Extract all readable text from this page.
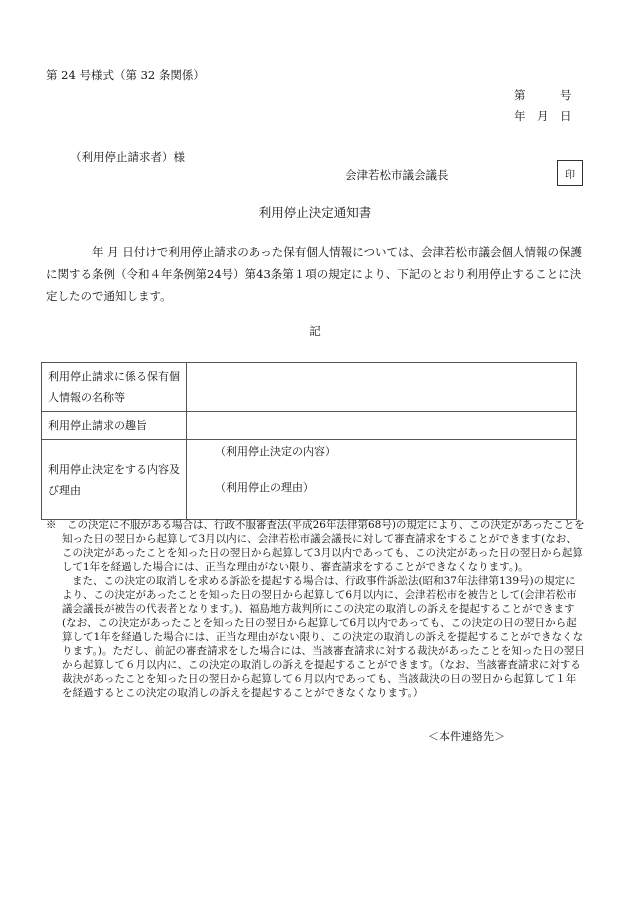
第 24 号様式（第 32 条関係）
第　　　号
年　月　日
（利用停止請求者）様
会津若松市議会議長	印
利用停止決定通知書

年 月 日付けで利用停止請求のあった保有個人情報については、会津若松市議会個人情報の保護に関する条例（令和４年条例第24号）第43条第１項の規定により、下記のとおり利用停止することに決定したので通知します。

記
利用停止請求に係る保有個人情報の名称等	
利用停止請求の趣旨	
利用停止決定をする内容及び理由	（利用停止決定の内容）
（利用停止の理由）

※　この決定に不服がある場合は、行政不服審査法(平成26年法律第68号)の規定により、この決定があったことを知った日の翌日から起算して3月以内に、会津若松市議会議長に対して審査請求をすることができます(なお、この決定があったことを知った日の翌日から起算して3月以内であっても、この決定があった日の翌日から起算して1年を経過した場合には、正当な理由がない限り、審査請求をすることができなくなります。)。

また、この決定の取消しを求める訴訟を提起する場合は、行政事件訴訟法(昭和37年法律第139号)の規定により、この決定があったことを知った日の翌日から起算して6月以内に、会津若松市を被告として(会津若松市議会議長が被告の代表者となります。)、福島地方裁判所にこの決定の取消しの訴えを提起することができます(なお、この決定があったことを知った日の翌日から起算して6月以内であっても、この決定の日の翌日から起算して1年を経過した場合には、正当な理由がない限り、この決定の取消しの訴えを提起することができなくなります。)。ただし、前記の審査請求をした場合には、当該審査請求に対する裁決があったことを知った日の翌日から起算して６月以内に、この決定の取消しの訴えを提起することができます。（なお、当該審査請求に対する裁決があったことを知った日の翌日から起算して６月以内であっても、当該裁決の日の翌日から起算して１年を経過するとこの決定の取消しの訴えを提起することができなくなります。）

＜本件連絡先＞
